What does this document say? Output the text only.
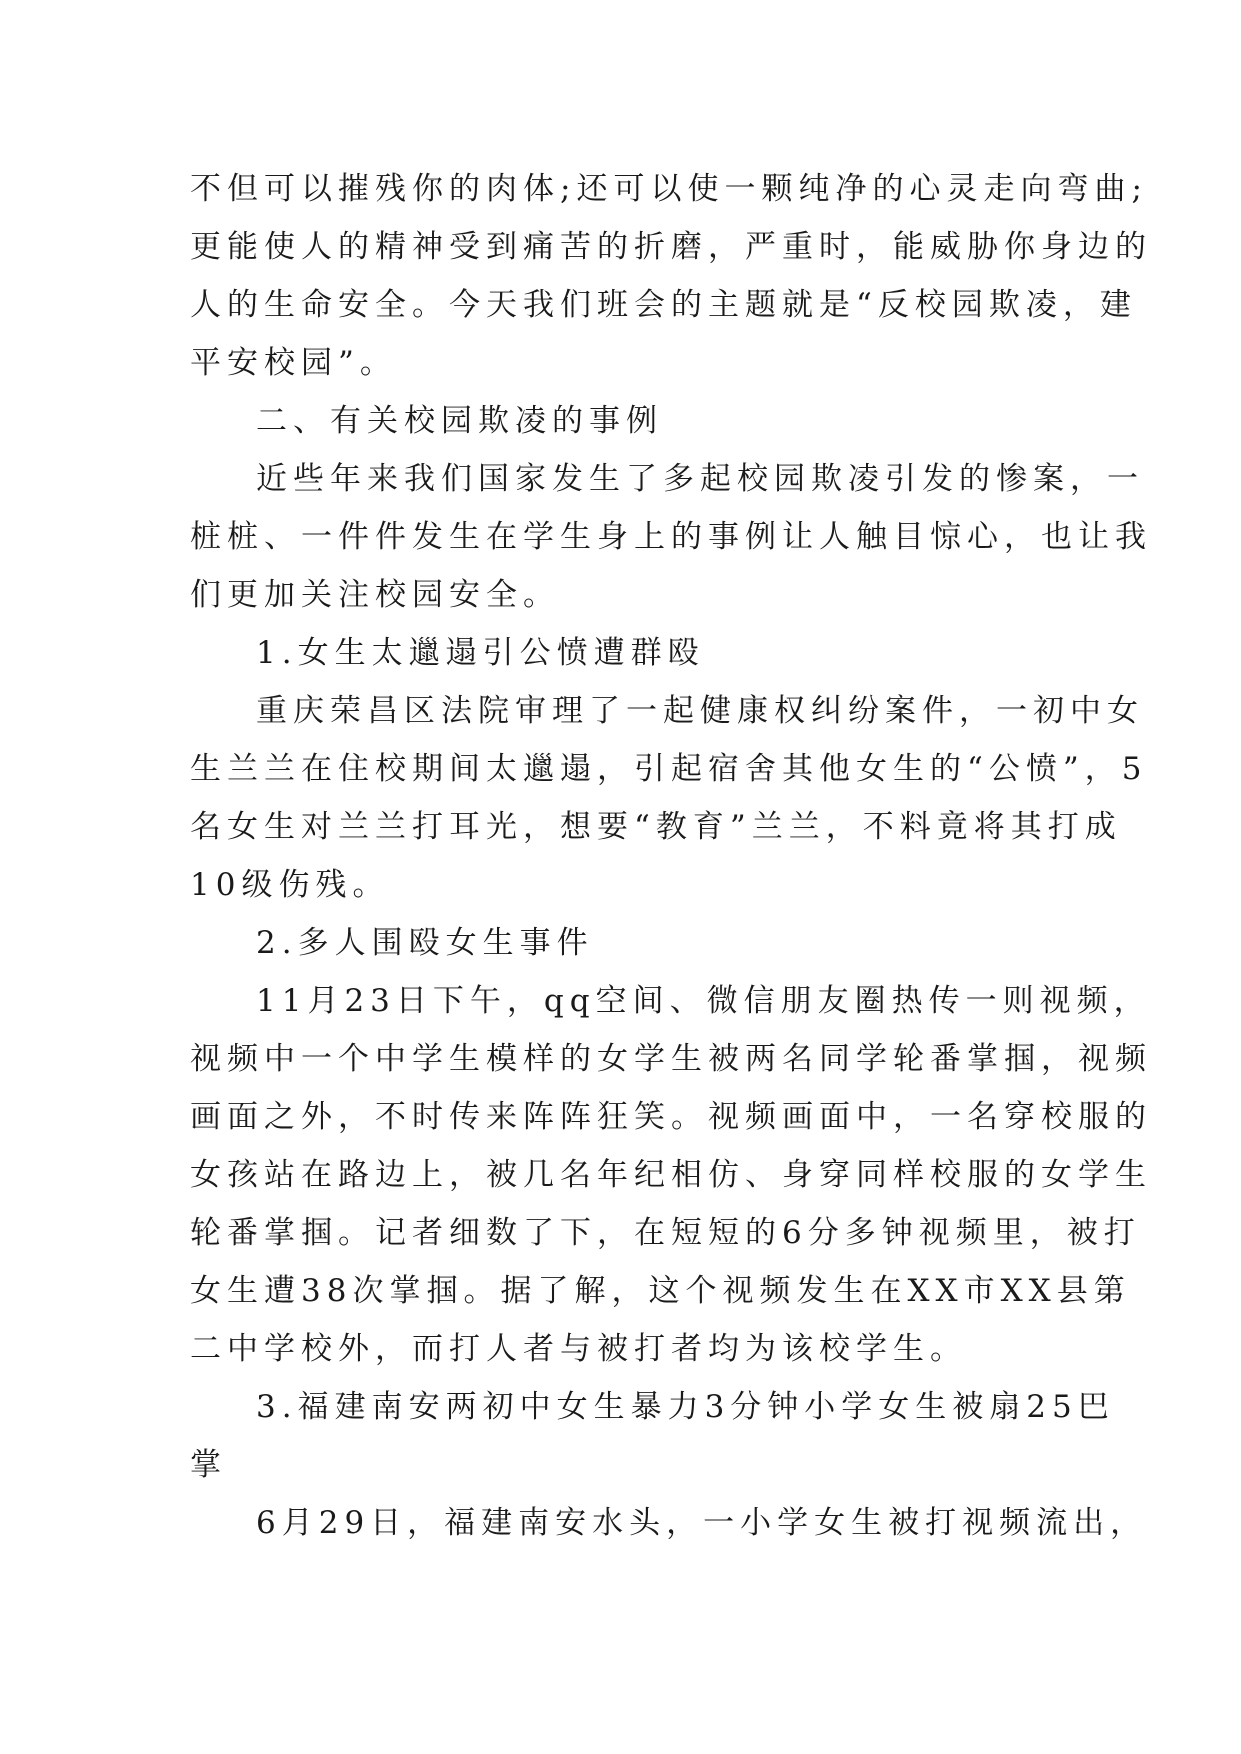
不但可以摧残你的肉体;还可以使一颗纯净的心灵走向弯曲;
更能使人的精神受到痛苦的折磨，严重时，能威胁你身边的
人的生命安全。今天我们班会的主题就是“反校园欺凌，建
平安校园”。
二、有关校园欺凌的事例
近些年来我们国家发生了多起校园欺凌引发的惨案，一
桩桩、一件件发生在学生身上的事例让人触目惊心，也让我
们更加关注校园安全。
1.女生太邋遢引公愤遭群殴
重庆荣昌区法院审理了一起健康权纠纷案件，一初中女
生兰兰在住校期间太邋遢，引起宿舍其他女生的“公愤”，5
名女生对兰兰打耳光，想要“教育”兰兰，不料竟将其打成
10级伤残。
2.多人围殴女生事件
11月23日下午，qq空间、微信朋友圈热传一则视频，
视频中一个中学生模样的女学生被两名同学轮番掌掴，视频
画面之外，不时传来阵阵狂笑。视频画面中，一名穿校服的
女孩站在路边上，被几名年纪相仿、身穿同样校服的女学生
轮番掌掴。记者细数了下，在短短的6分多钟视频里，被打
女生遭38次掌掴。据了解，这个视频发生在XX市XX县第
二中学校外，而打人者与被打者均为该校学生。
3.福建南安两初中女生暴力3分钟小学女生被扇25巴
掌
6月29日，福建南安水头，一小学女生被打视频流出，
